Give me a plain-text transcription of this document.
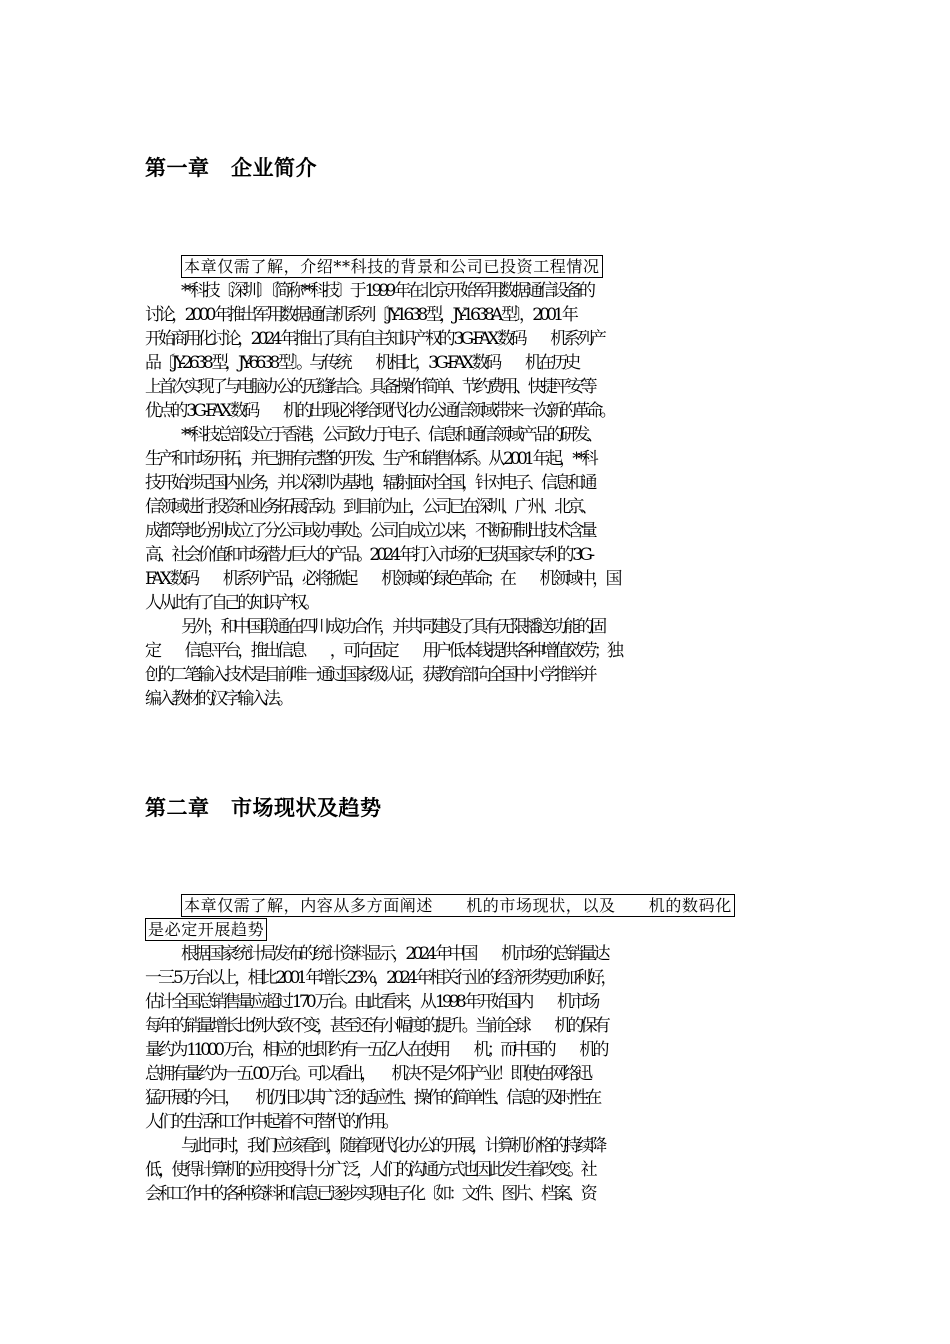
第一章　企业简介
本章仅需了解，介绍**科技的背景和公司已投资工程情况
**科技〔深圳〕〔简称**科技〕于 1999 年在北京开始军用数据通信设备的
讨论，2000 年推出军用数据通信机系列〔JY-1638 型，JY-1638A 型〕，2001 年
开始商用化讨论，2024 年推出了具有自主知识产权的 3G-FAX 数码　　机系列产
品〔JY-2638 型，JY-6638 型〕。与传统　　机相比，3G-FAX 数码　　机在历史
上首次实现了与电脑办公的无缝结合。具备操作简单、节约费用、快捷平安等
优点的 3G-FAX 数码　　机的出现必将给现代化办公通信领域带来一次新的革命。
**科技总部设立于香港，公司致力于电子、信息和通信领域产品的研发、
生产和市场开拓，并已拥有完整的开发、生产和销售体系。从 2001 年起，**科
技开始涉足国内业务，并以深圳为基地，辐射面对全国，针对电子、信息和通
信领域进行投资和业务拓展活动。到目前为止，公司已在深圳、广州、北京、
成都等地分别成立了分公司或办事处。公司自成立以来，不断研制出技术含量
高、社会价值和市场潜力巨大的产品。2024 年打入市场的已获国家专利的 3G-
FAX 数码　　机系列产品，必将掀起　　机领域的绿色革命；在　　机领域中，国
人从此有了自己的知识产权。
另外，和中国联通在四川成功合作，并共同建设了具有无限播送功能的固
定　　信息平台，推出信息　　，可向固定　　用户低本钱提供各种增值效劳；独
创的二笔输入技术是目前唯一通过国家级认证，获教育部向全国中小学推举并
编入教材的汉字输入法。
第二章　市场现状及趋势
本章仅需了解，内容从多方面阐述　　机的市场现状，以及　　机的数码化
是必定开展趋势
根据国家统计局发布的统计资料显示，2024 年中国　　机市场的总销量达
一三 5 万台以上，相比 2001 年增长 23%，2024 年相关行业的经济形势更加利好，
估计全国总销售量应超过 170 万台。由此看来，从 1998 年开始国内　　机市场
每年的销量增长比例大致不变，甚至还有小幅度的提升。当前全球　　机的保有
量约为 11000 万台，相应的也即约有一五亿人在使用　　机；而中国的　　机的
总拥有量约为一五 00 万台。可以看出，　　机决不是夕阳产业！即使在网络迅
猛开展的今日，　　机仍旧以其广泛的适应性、操作的简单性、信息的及时性在
人们的生活和工作中起着不可替代的作用。
与此同时，我们应该看到，随着现代化办公的开展，计算机价格的持续降
低，使得计算机的应用变得十分广泛，人们的沟通方式也因此发生着改变。社
会和工作中的各种资料和信息已逐步实现电子化〔如：文件、图片、档案、资
